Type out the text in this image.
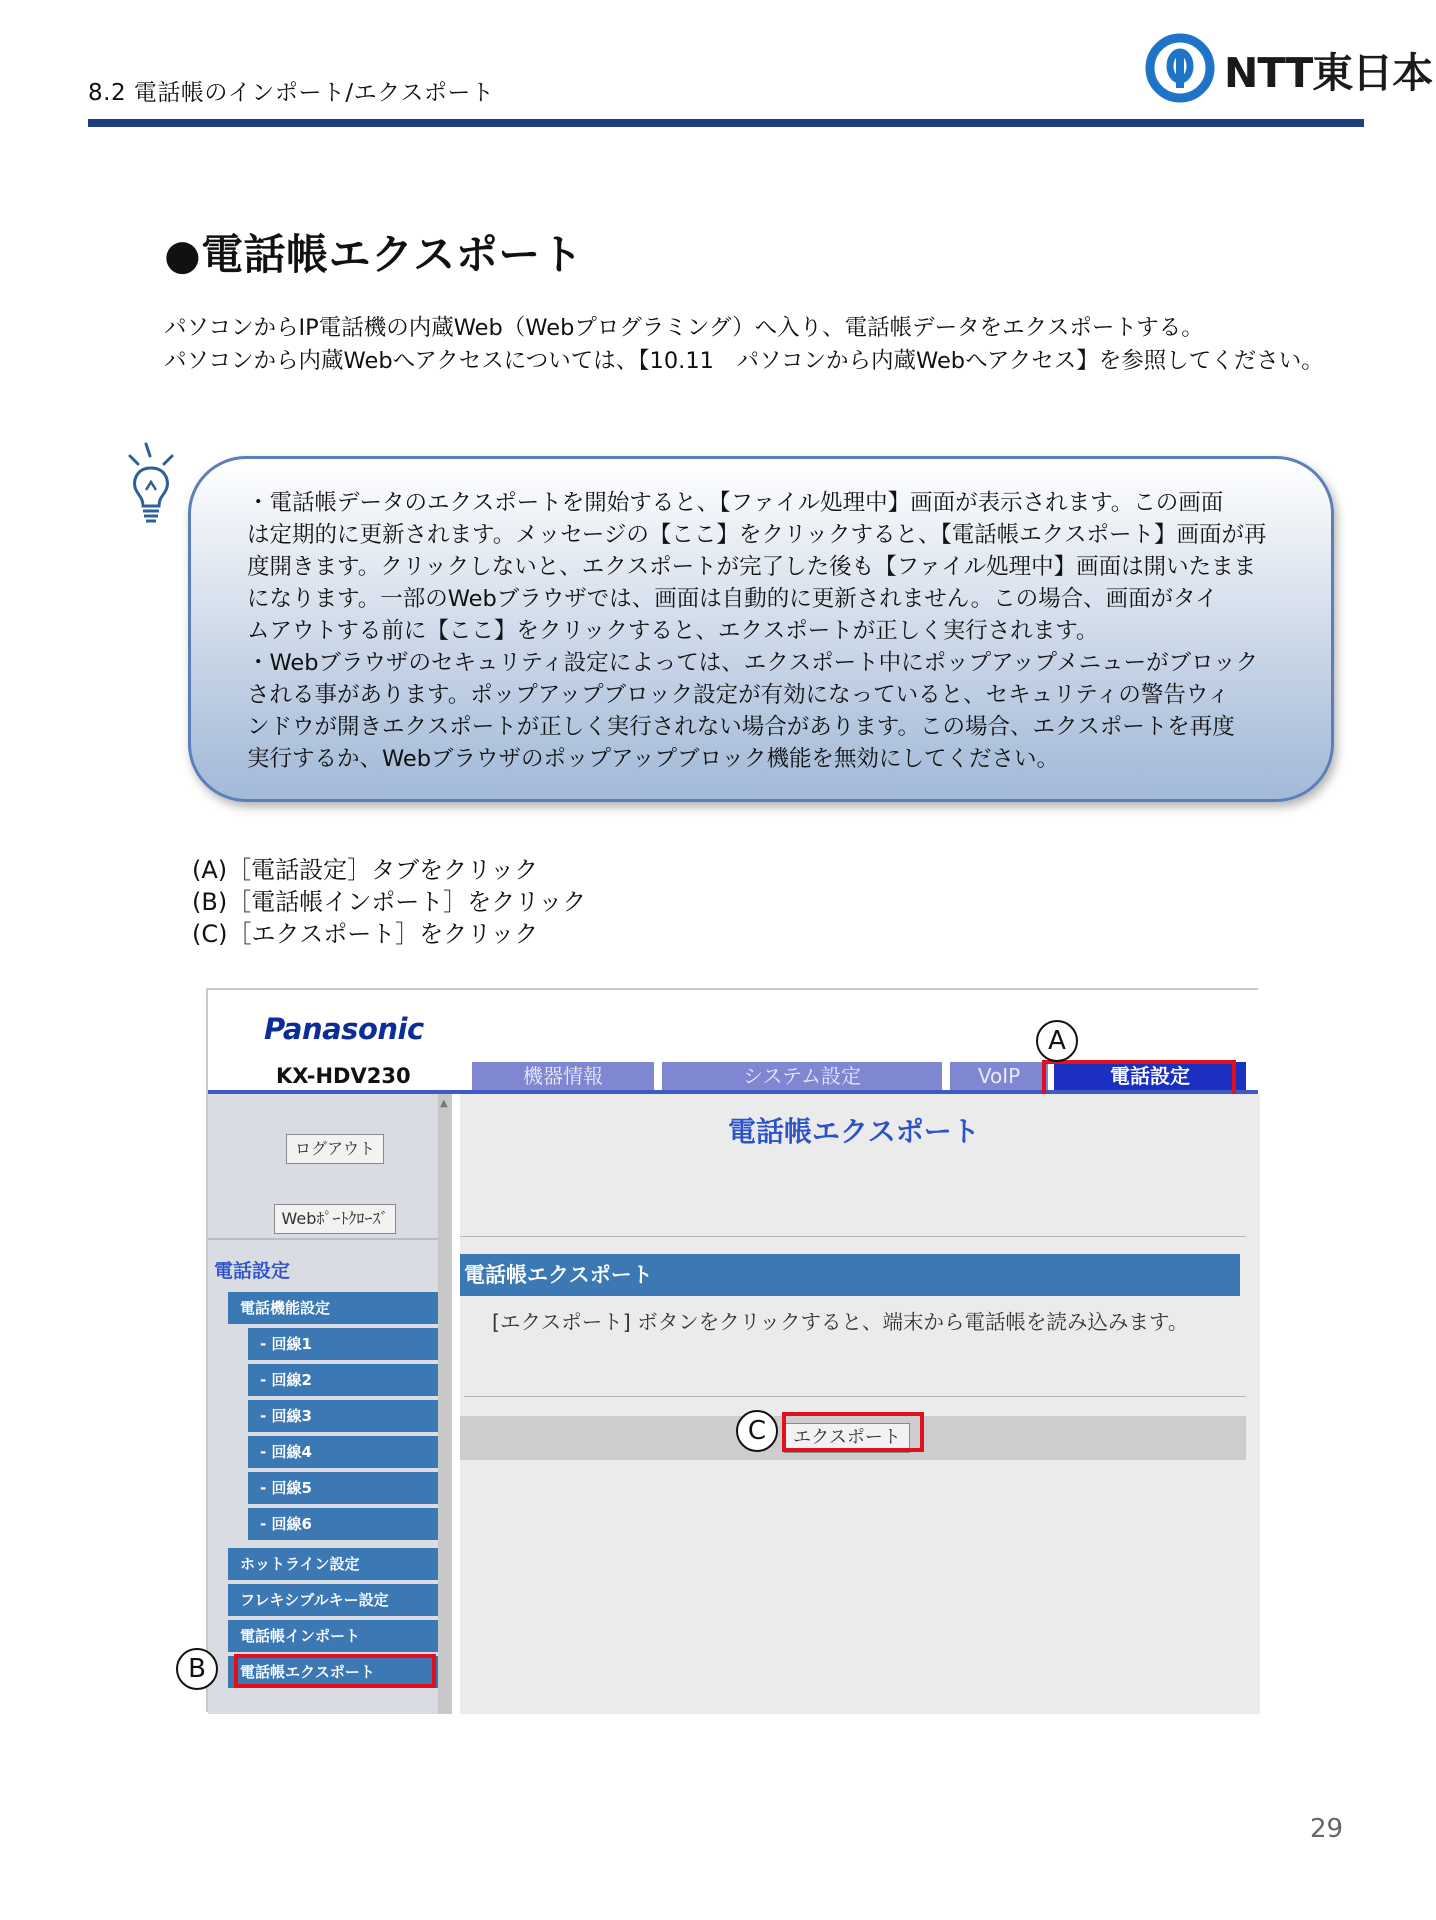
8.2 電話帳のインポート/エクスポート	NTT東日本
●電話帳エクスポート
パソコンからIP電話機の内蔵Web（Webプログラミング）へ入り、電話帳データをエクスポートする。
パソコンから内蔵Webへアクセスについては、【10.11　パソコンから内蔵Webへアクセス】を参照してください。
・電話帳データのエクスポートを開始すると、【ファイル処理中】画面が表示されます。この画面
は定期的に更新されます。メッセージの【ここ】をクリックすると、【電話帳エクスポート】画面が再
度開きます。クリックしないと、エクスポートが完了した後も【ファイル処理中】画面は開いたまま
になります。一部のWebブラウザでは、画面は自動的に更新されません。この場合、画面がタイ
ムアウトする前に【ここ】をクリックすると、エクスポートが正しく実行されます。
・Webブラウザのセキュリティ設定によっては、エクスポート中にポップアップメニューがブロック
される事があります。ポップアップブロック設定が有効になっていると、セキュリティの警告ウィ
ンドウが開きエクスポートが正しく実行されない場合があります。この場合、エクスポートを再度
実行するか、Webブラウザのポップアップブロック機能を無効にしてください。
(A)［電話設定］タブをクリック
(B)［電話帳インポート］をクリック
(C)［エクスポート］をクリック
Panasonic
KX-HDV230	機器情報	システム設定	VoIP	電話設定
A
ログアウト
Webﾎﾟｰﾄｸﾛｰｽﾞ
電話設定
電話機能設定
- 回線1
- 回線2
- 回線3
- 回線4
- 回線5
- 回線6
ホットライン設定
フレキシブルキー設定
電話帳インポート
電話帳エクスポート
B
▲
電話帳エクスポート
電話帳エクスポート
[エクスポート] ボタンをクリックすると、端末から電話帳を読み込みます。
エクスポート
C
29
